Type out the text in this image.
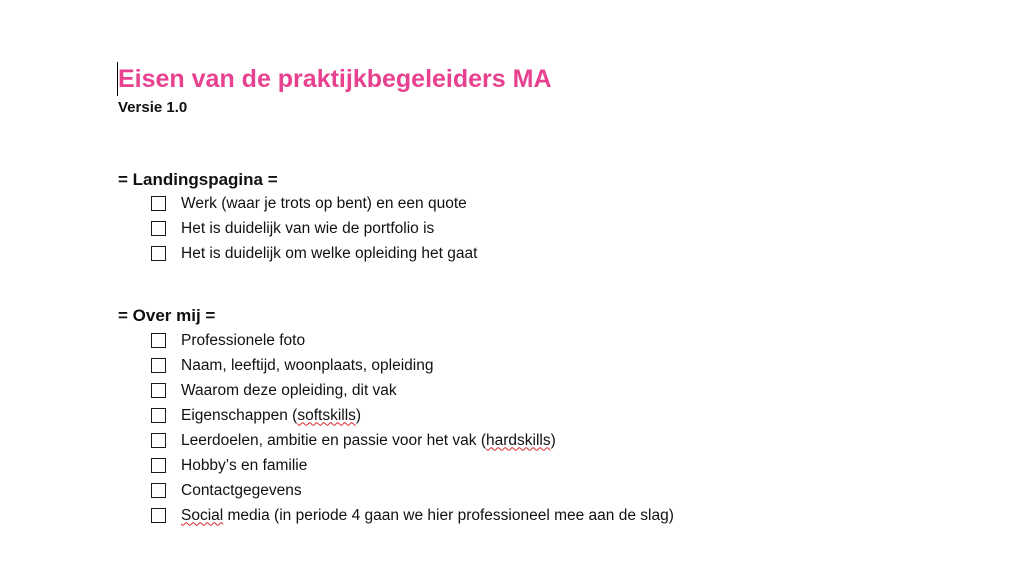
Eisen van de praktijkbegeleiders MA
Versie 1.0
= Landingspagina =
Werk (waar je trots op bent) en een quote
Het is duidelijk van wie de portfolio is
Het is duidelijk om welke opleiding het gaat
= Over mij =
Professionele foto
Naam, leeftijd, woonplaats, opleiding
Waarom deze opleiding, dit vak
Eigenschappen (softskills)
Leerdoelen, ambitie en passie voor het vak (hardskills)
Hobby’s en familie
Contactgegevens
Social media (in periode 4 gaan we hier professioneel mee aan de slag)
